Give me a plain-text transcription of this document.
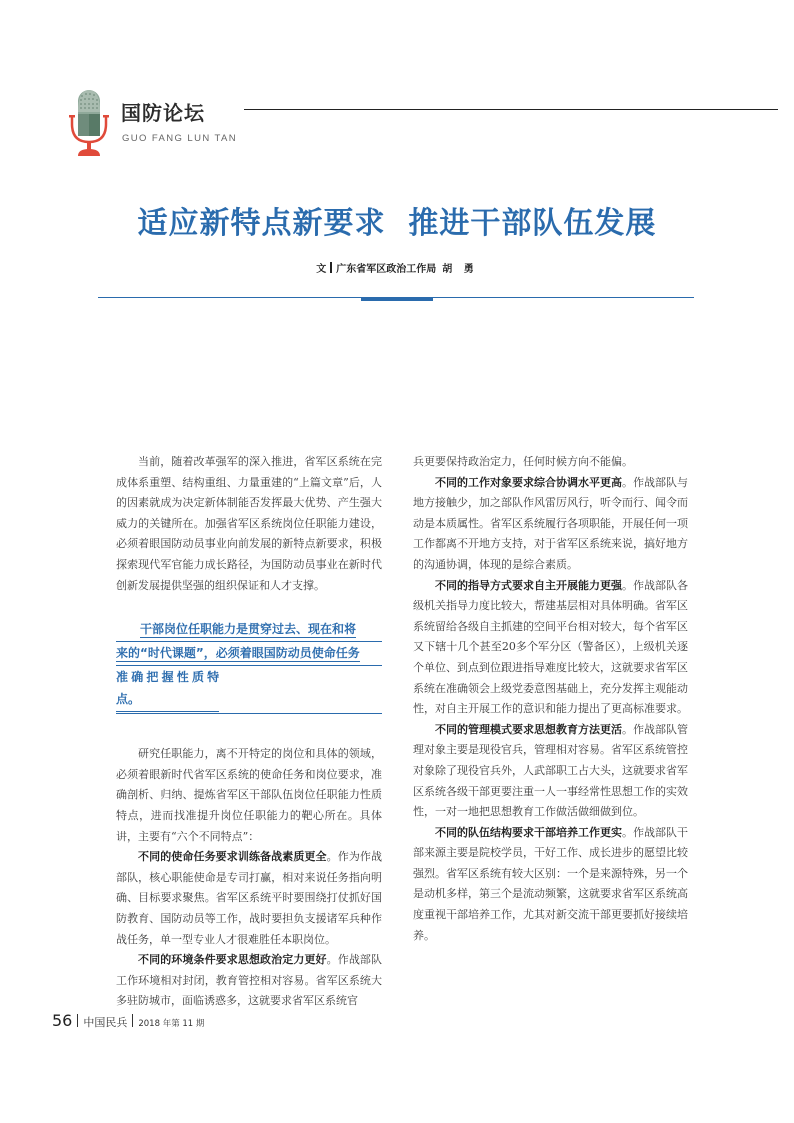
国防论坛
GUO FANG LUN TAN
适应新特点新要求  推进干部队伍发展
文 广东省军区政治工作局 胡 勇

当前，随着改革强军的深入推进，省军区系统在完成体系重塑、结构重组、力量重建的“上篇文章”后，人的因素就成为决定新体制能否发挥最大优势、产生强大威力的关键所在。加强省军区系统岗位任职能力建设，必须着眼国防动员事业向前发展的新特点新要求，积极探索现代军官能力成长路径，为国防动员事业在新时代创新发展提供坚强的组织保证和人才支撑。

干部岗位任职能力是贯穿过去、现在和将
来的“时代课题”，必须着眼国防动员使命任务
准确把握性质特点。

研究任职能力，离不开特定的岗位和具体的领域，必须着眼新时代省军区系统的使命任务和岗位要求，准确剖析、归纳、提炼省军区干部队伍岗位任职能力性质特点，进而找准提升岗位任职能力的靶心所在。具体讲，主要有“六个不同特点”：

不同的使命任务要求训练备战素质更全。作为作战部队，核心职能使命是专司打赢，相对来说任务指向明确、目标要求聚焦。省军区系统平时要围绕打仗抓好国防教育、国防动员等工作，战时要担负支援诸军兵种作战任务，单一型专业人才很难胜任本职岗位。

不同的环境条件要求思想政治定力更好。作战部队工作环境相对封闭，教育管控相对容易。省军区系统大多驻防城市，面临诱惑多，这就要求省军区系统官

兵更要保持政治定力，任何时候方向不能偏。

不同的工作对象要求综合协调水平更高。作战部队与地方接触少，加之部队作风雷厉风行，听令而行、闻令而动是本质属性。省军区系统履行各项职能，开展任何一项工作都离不开地方支持，对于省军区系统来说，搞好地方的沟通协调，体现的是综合素质。

不同的指导方式要求自主开展能力更强。作战部队各级机关指导力度比较大，帮建基层相对具体明确。省军区系统留给各级自主抓建的空间平台相对较大，每个省军区又下辖十几个甚至20多个军分区（警备区），上级机关逐个单位、到点到位跟进指导难度比较大，这就要求省军区系统在准确领会上级党委意图基础上，充分发挥主观能动性，对自主开展工作的意识和能力提出了更高标准要求。

不同的管理模式要求思想教育方法更活。作战部队管理对象主要是现役官兵，管理相对容易。省军区系统管控对象除了现役官兵外，人武部职工占大头，这就要求省军区系统各级干部更要注重一人一事经常性思想工作的实效性，一对一地把思想教育工作做活做细做到位。

不同的队伍结构要求干部培养工作更实。作战部队干部来源主要是院校学员，干好工作、成长进步的愿望比较强烈。省军区系统有较大区别：一个是来源特殊，另一个是动机多样，第三个是流动频繁，这就要求省军区系统高度重视干部培养工作，尤其对新交流干部更要抓好接续培养。

56 中国民兵 2018 年第 11 期
